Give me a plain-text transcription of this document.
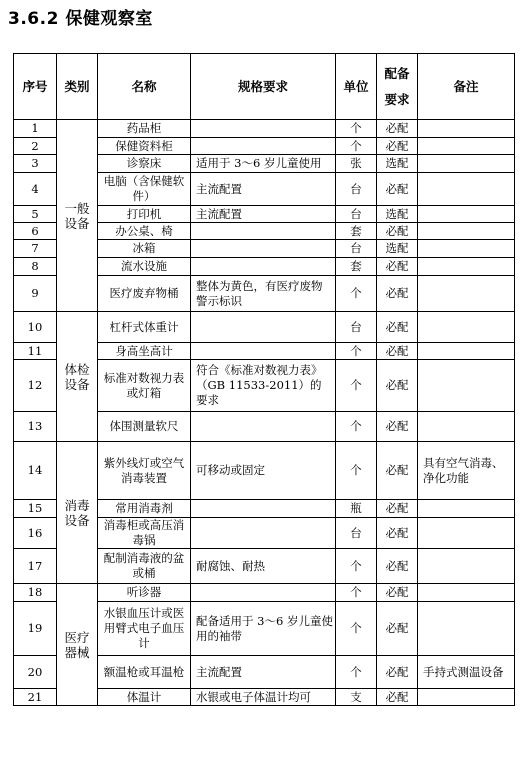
3.6.2 保健观察室
序号	类别	名称	规格要求	单位	配备要求	备注
1	一般设备	药品柜		个	必配	
2		保健资料柜		个	必配	
3		诊察床	适用于 3～6 岁儿童使用	张	选配	
4		电脑（含保健软件）	主流配置	台	必配	
5		打印机	主流配置	台	选配	
6		办公桌、椅		套	必配	
7		冰箱		台	选配	
8		流水设施		套	必配	
9		医疗废弃物桶	整体为黄色，有医疗废物警示标识	个	必配	
10	体检设备	杠杆式体重计		台	必配	
11		身高坐高计		个	必配	
12		标准对数视力表或灯箱	符合《标准对数视力表》（GB 11533-2011）的要求	个	必配	
13		体围测量软尺		个	必配	
14	消毒设备	紫外线灯或空气消毒装置	可移动或固定	个	必配	具有空气消毒、净化功能
15		常用消毒剂		瓶	必配	
16		消毒柜或高压消毒锅		台	必配	
17		配制消毒液的盆或桶	耐腐蚀、耐热	个	必配	
18	医疗器械	听诊器		个	必配	
19		水银血压计或医用臂式电子血压计	配备适用于 3～6 岁儿童使用的袖带	个	必配	
20		额温枪或耳温枪	主流配置	个	必配	手持式测温设备
21		体温计	水银或电子体温计均可	支	必配	
